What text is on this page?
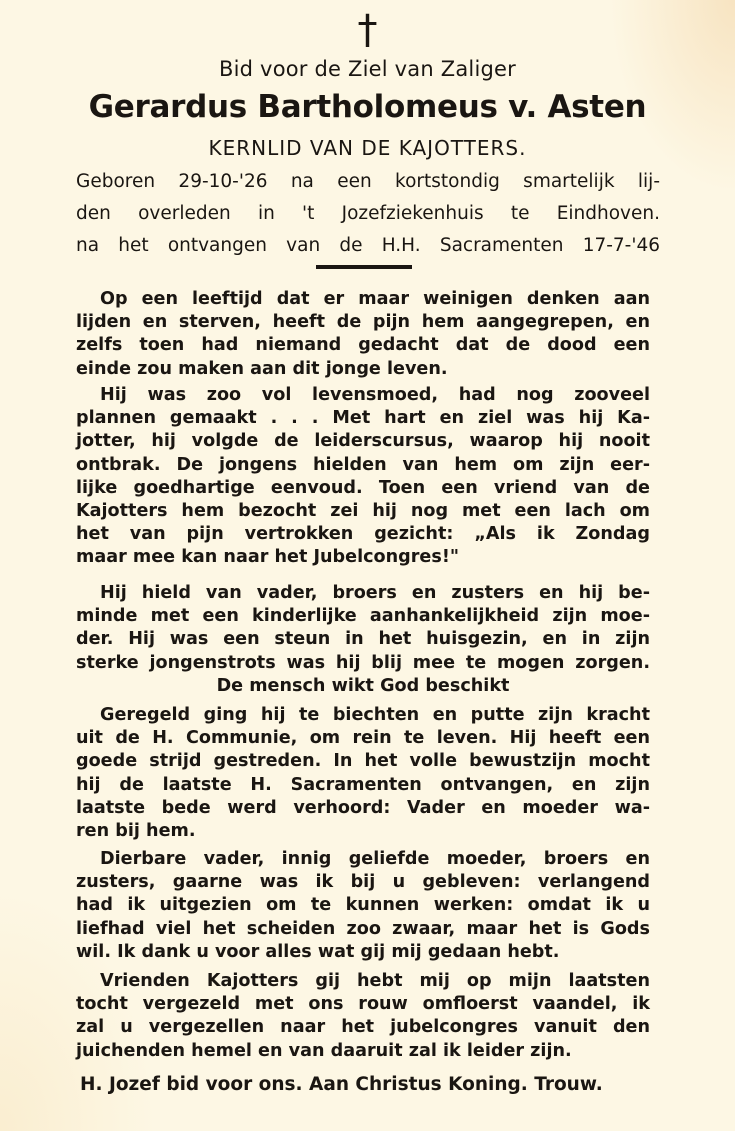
†
Bid voor de Ziel van Zaliger
Gerardus Bartholomeus v. Asten
KERNLID VAN DE KAJOTTERS.
Geboren 29-10-'26 na een kortstondig smartelijk lij-
den overleden in 't Jozefziekenhuis te Eindhoven.
na het ontvangen van de H.H. Sacramenten 17-7-'46
Op een leeftijd dat er maar weinigen denken aan
lijden en sterven, heeft de pijn hem aangegrepen, en
zelfs toen had niemand gedacht dat de dood een
einde zou maken aan dit jonge leven.
Hij was zoo vol levensmoed, had nog zooveel
plannen gemaakt . . . Met hart en ziel was hij Ka-
jotter, hij volgde de leiderscursus, waarop hij nooit
ontbrak. De jongens hielden van hem om zijn eer-
lijke goedhartige eenvoud. Toen een vriend van de
Kajotters hem bezocht zei hij nog met een lach om
het van pijn vertrokken gezicht: „Als ik Zondag
maar mee kan naar het Jubelcongres!"
Hij hield van vader, broers en zusters en hij be-
minde met een kinderlijke aanhankelijkheid zijn moe-
der. Hij was een steun in het huisgezin, en in zijn
sterke jongenstrots was hij blij mee te mogen zorgen.
De mensch wikt God beschikt
Geregeld ging hij te biechten en putte zijn kracht
uit de H. Communie, om rein te leven. Hij heeft een
goede strijd gestreden. In het volle bewustzijn mocht
hij de laatste H. Sacramenten ontvangen, en zijn
laatste bede werd verhoord: Vader en moeder wa-
ren bij hem.
Dierbare vader, innig geliefde moeder, broers en
zusters, gaarne was ik bij u gebleven: verlangend
had ik uitgezien om te kunnen werken: omdat ik u
liefhad viel het scheiden zoo zwaar, maar het is Gods
wil. Ik dank u voor alles wat gij mij gedaan hebt.
Vrienden Kajotters gij hebt mij op mijn laatsten
tocht vergezeld met ons rouw omfloerst vaandel, ik
zal u vergezellen naar het jubelcongres vanuit den
juichenden hemel en van daaruit zal ik leider zijn.
H. Jozef bid voor ons. Aan Christus Koning. Trouw.
